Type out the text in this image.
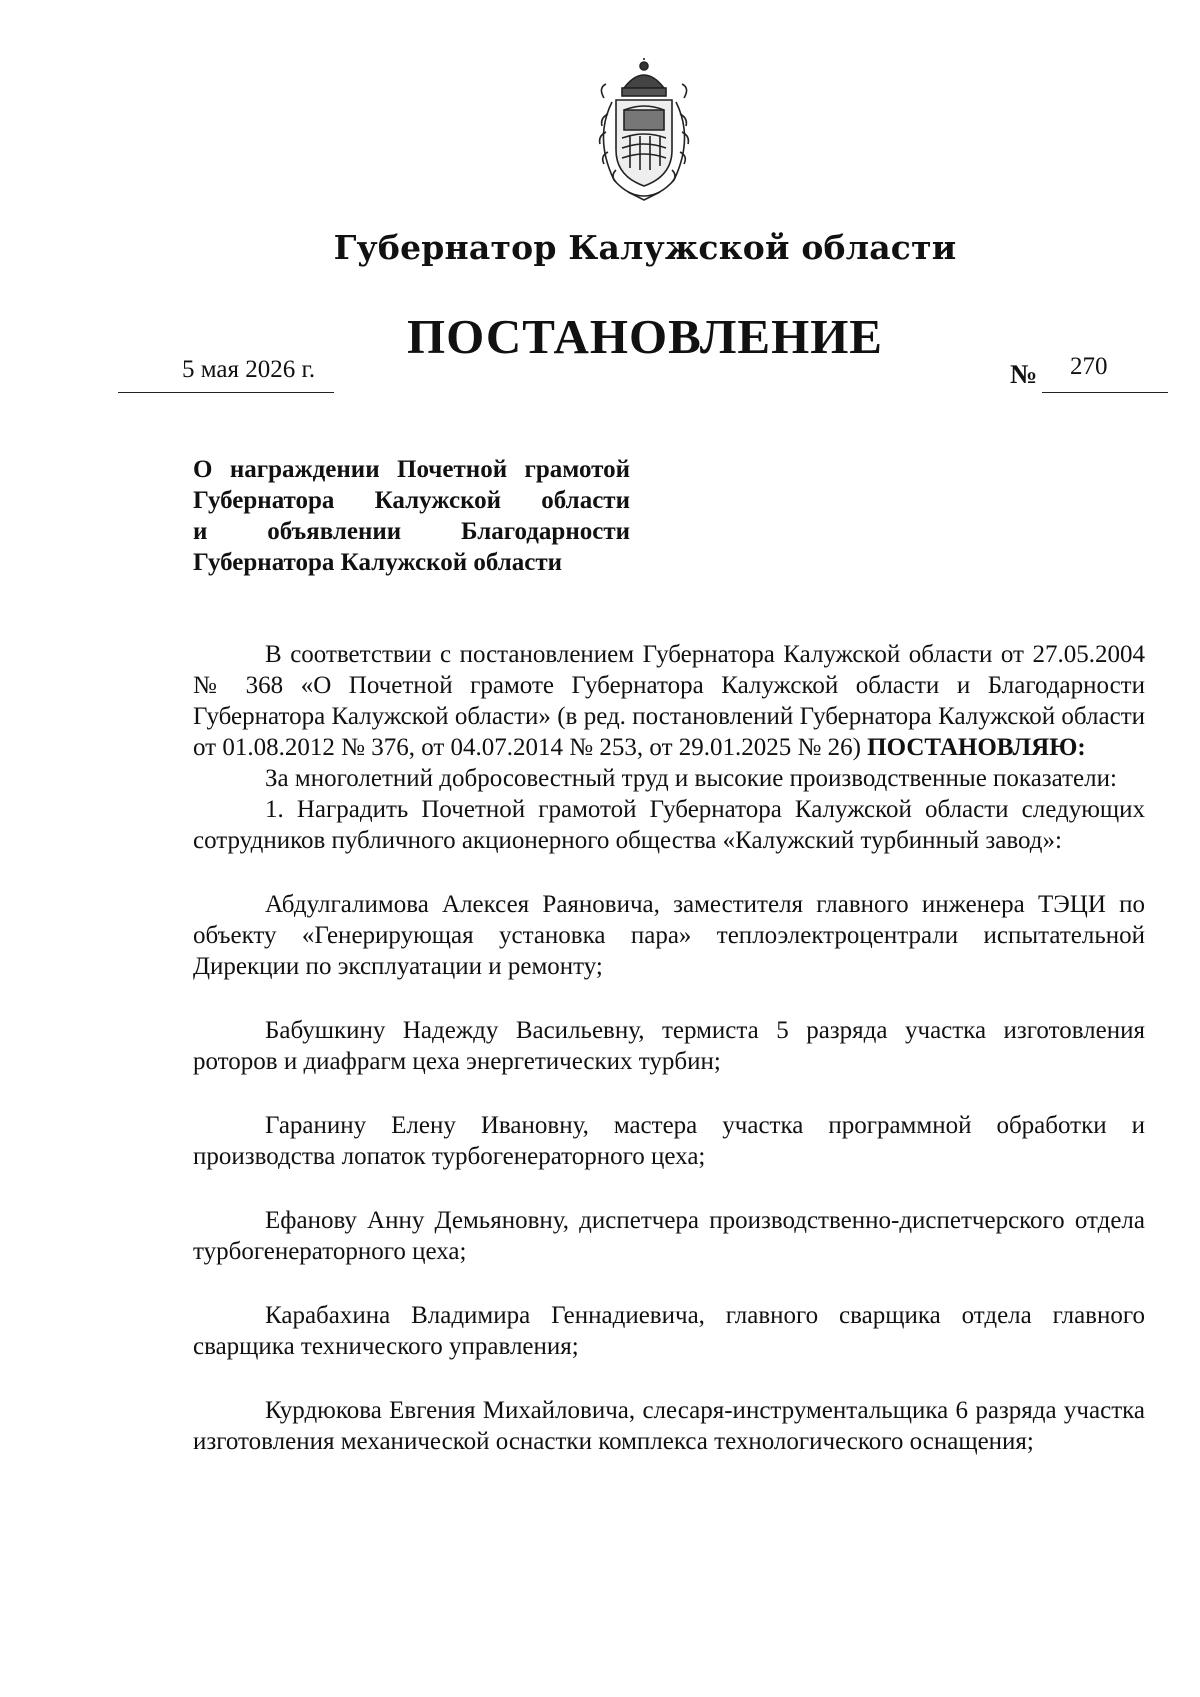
Губернатор Калужской области
ПОСТАНОВЛЕНИЕ
5 мая 2026 г.	№ 270
О награждении Почетной грамотой
Губернатора Калужской области
и объявлении Благодарности
Губернатора Калужской области

В соответствии с постановлением Губернатора Калужской области от 27.05.2004 № 368 «О Почетной грамоте Губернатора Калужской области и Благодарности Губернатора Калужской области» (в ред. постановлений Губернатора Калужской области от 01.08.2012 № 376, от 04.07.2014 № 253, от 29.01.2025 № 26) ПОСТАНОВЛЯЮ:

За многолетний добросовестный труд и высокие производственные показатели:

1. Наградить Почетной грамотой Губернатора Калужской области следующих сотрудников публичного акционерного общества «Калужский турбинный завод»:

Абдулгалимова Алексея Раяновича, заместителя главного инженера ТЭЦИ по объекту «Генерирующая установка пара» теплоэлектроцентрали испытательной Дирекции по эксплуатации и ремонту;

Бабушкину Надежду Васильевну, термиста 5 разряда участка изготовления роторов и диафрагм цеха энергетических турбин;

Гаранину Елену Ивановну, мастера участка программной обработки и производства лопаток турбогенераторного цеха;

Ефанову Анну Демьяновну, диспетчера производственно-диспетчерского отдела турбогенераторного цеха;

Карабахина Владимира Геннадиевича, главного сварщика отдела главного сварщика технического управления;

Курдюкова Евгения Михайловича, слесаря-инструментальщика 6 разряда участка изготовления механической оснастки комплекса технологического оснащения;
